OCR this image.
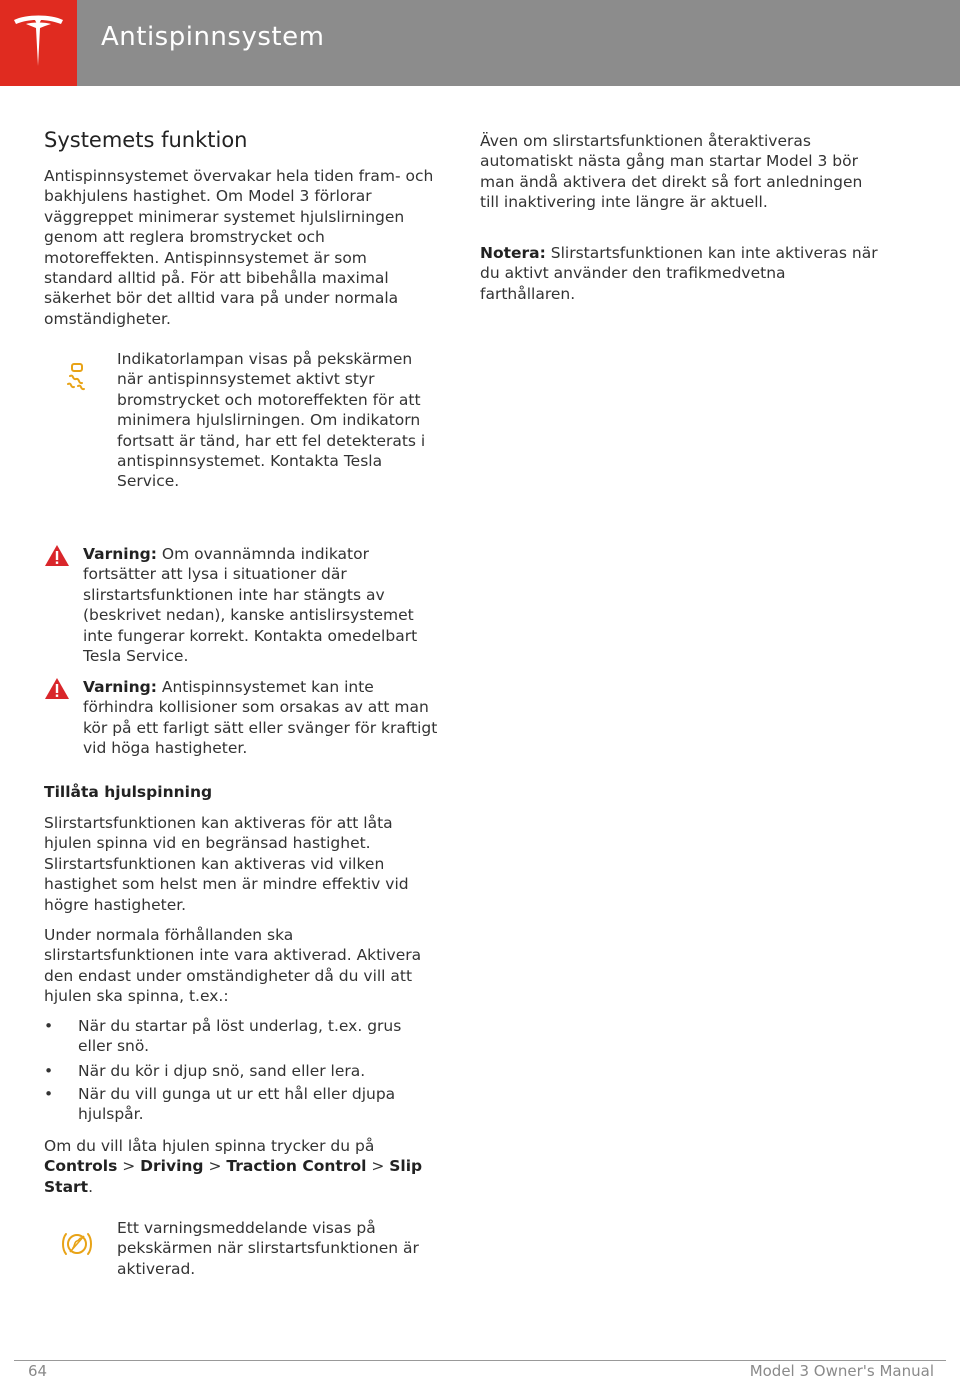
Antispinnsystem
Systemets funktion
Antispinnsystemet övervakar hela tiden fram- och bakhjulens hastighet. Om Model 3 förlorar väggreppet minimerar systemet hjulslirningen genom att reglera bromstrycket och motoreffekten. Antispinnsystemet är som standard alltid på. För att bibehålla maximal säkerhet bör det alltid vara på under normala omständigheter.
Indikatorlampan visas på pekskärmen när antispinnsystemet aktivt styr bromstrycket och motoreffekten för att minimera hjulslirningen. Om indikatorn fortsatt är tänd, har ett fel detekterats i antispinnsystemet. Kontakta Tesla Service.
Varning: Om ovannämnda indikator fortsätter att lysa i situationer där slirstartsfunktionen inte har stängts av (beskrivet nedan), kanske antislirsystemet inte fungerar korrekt. Kontakta omedelbart Tesla Service.
Varning: Antispinnsystemet kan inte förhindra kollisioner som orsakas av att man kör på ett farligt sätt eller svänger för kraftigt vid höga hastigheter.
Tillåta hjulspinning
Slirstartsfunktionen kan aktiveras för att låta hjulen spinna vid en begränsad hastighet. Slirstartsfunktionen kan aktiveras vid vilken hastighet som helst men är mindre effektiv vid högre hastigheter.
Under normala förhållanden ska slirstartsfunktionen inte vara aktiverad. Aktivera den endast under omständigheter då du vill att hjulen ska spinna, t.ex.:
• När du startar på löst underlag, t.ex. grus eller snö.
• När du kör i djup snö, sand eller lera.
• När du vill gunga ut ur ett hål eller djupa hjulspår.
Om du vill låta hjulen spinna trycker du på Controls > Driving > Traction Control > Slip Start.
Ett varningsmeddelande visas på pekskärmen när slirstartsfunktionen är aktiverad.
Även om slirstartsfunktionen återaktiveras automatiskt nästa gång man startar Model 3 bör man ändå aktivera det direkt så fort anledningen till inaktivering inte längre är aktuell.
Notera: Slirstartsfunktionen kan inte aktiveras när du aktivt använder den trafikmedvetna farthållaren.
64	Model 3 Owner's Manual
